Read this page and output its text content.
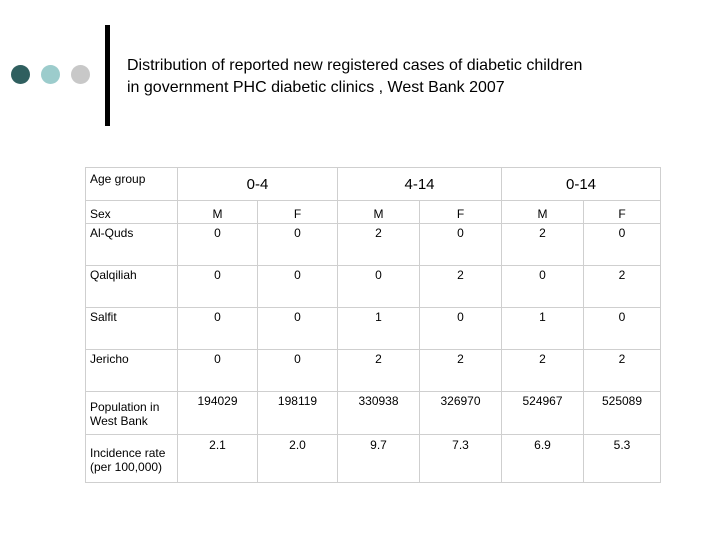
Distribution of reported new registered cases of diabetic children
in government PHC diabetic clinics , West Bank 2007
Age group	0-4		4-14		0-14	
Sex	M	F	M	F	M	F
Al-Quds	0	0	2	0	2	0
Qalqiliah	0	0	0	2	0	2
Salfit	0	0	1	0	1	0
Jericho	0	0	2	2	2	2

Population in
West Bank	194029	198119	330938	326970	524967	525089

Incidence rate
(per 100,000)	2.1	2.0	9.7	7.3	6.9	5.3
